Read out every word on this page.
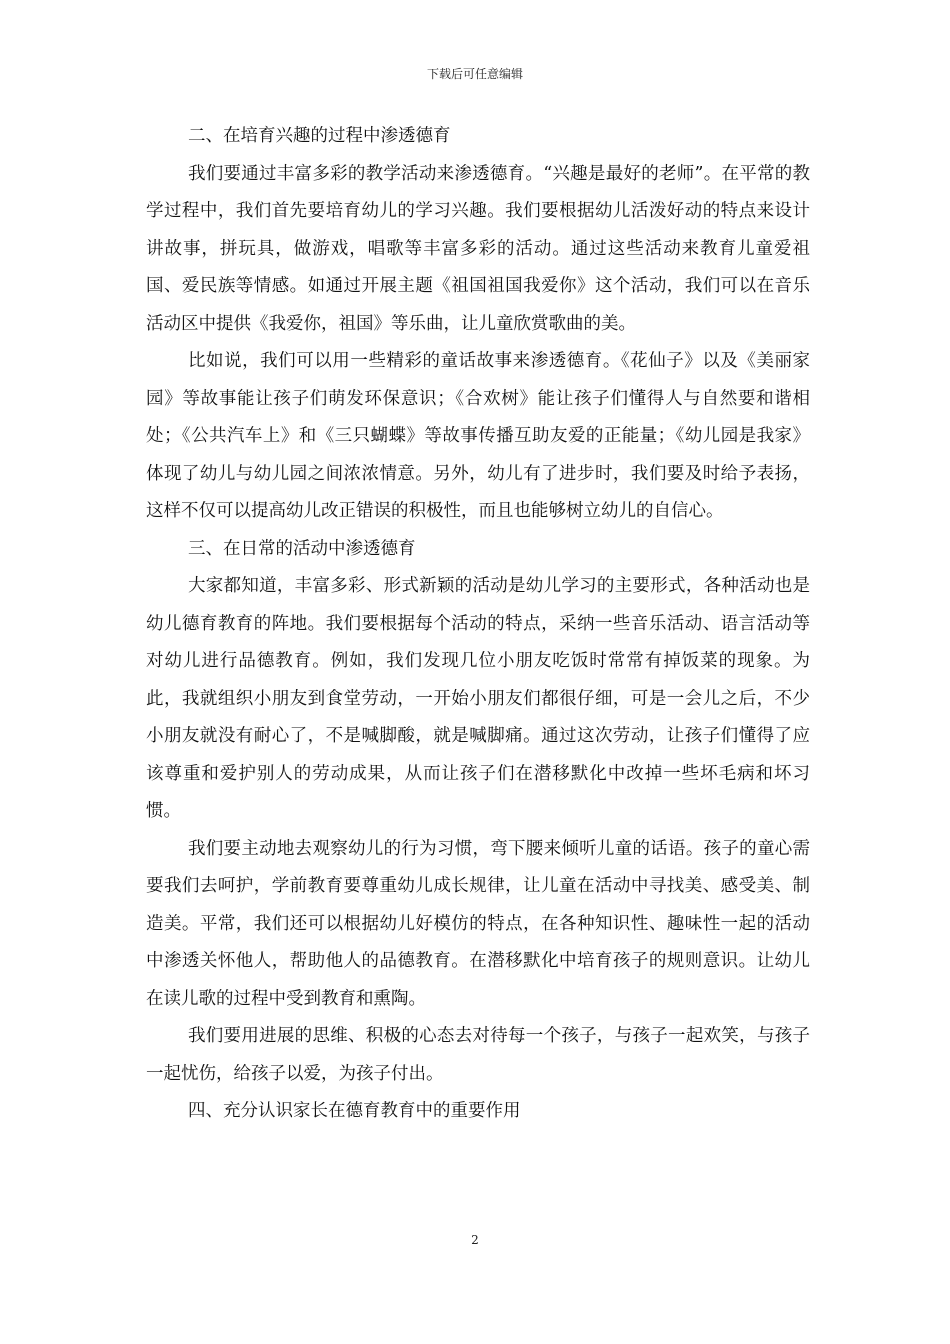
下载后可任意编辑

二、在培育兴趣的过程中渗透德育

我们要通过丰富多彩的教学活动来渗透德育。“兴趣是最好的老师”。在平常的教学过程中，我们首先要培育幼儿的学习兴趣。我们要根据幼儿活泼好动的特点来设计讲故事，拼玩具，做游戏，唱歌等丰富多彩的活动。通过这些活动来教育儿童爱祖国、爱民族等情感。如通过开展主题《祖国祖国我爱你》这个活动，我们可以在音乐活动区中提供《我爱你，祖国》等乐曲，让儿童欣赏歌曲的美。

比如说，我们可以用一些精彩的童话故事来渗透德育。《花仙子》以及《美丽家园》等故事能让孩子们萌发环保意识；《合欢树》能让孩子们懂得人与自然要和谐相处；《公共汽车上》和《三只蝴蝶》等故事传播互助友爱的正能量；《幼儿园是我家》体现了幼儿与幼儿园之间浓浓情意。另外，幼儿有了进步时，我们要及时给予表扬，这样不仅可以提高幼儿改正错误的积极性，而且也能够树立幼儿的自信心。

三、在日常的活动中渗透德育

大家都知道，丰富多彩、形式新颖的活动是幼儿学习的主要形式，各种活动也是幼儿德育教育的阵地。我们要根据每个活动的特点，采纳一些音乐活动、语言活动等对幼儿进行品德教育。例如，我们发现几位小朋友吃饭时常常有掉饭菜的现象。为此，我就组织小朋友到食堂劳动，一开始小朋友们都很仔细，可是一会儿之后，不少小朋友就没有耐心了，不是喊脚酸，就是喊脚痛。通过这次劳动，让孩子们懂得了应该尊重和爱护别人的劳动成果，从而让孩子们在潜移默化中改掉一些坏毛病和坏习惯。

我们要主动地去观察幼儿的行为习惯，弯下腰来倾听儿童的话语。孩子的童心需要我们去呵护，学前教育要尊重幼儿成长规律，让儿童在活动中寻找美、感受美、制造美。平常，我们还可以根据幼儿好模仿的特点，在各种知识性、趣味性一起的活动中渗透关怀他人，帮助他人的品德教育。在潜移默化中培育孩子的规则意识。让幼儿在读儿歌的过程中受到教育和熏陶。

我们要用进展的思维、积极的心态去对待每一个孩子，与孩子一起欢笑，与孩子一起忧伤，给孩子以爱，为孩子付出。

四、充分认识家长在德育教育中的重要作用

2
